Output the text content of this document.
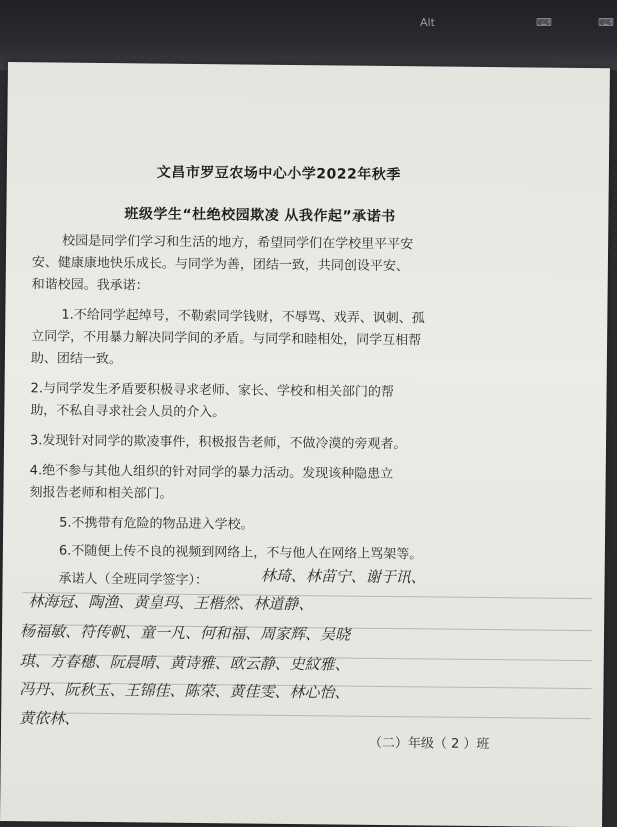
Alt	⌨	⌨
文昌市罗豆农场中心小学2022年秋季
班级学生“杜绝校园欺凌 从我作起”承诺书
校园是同学们学习和生活的地方，希望同学们在学校里平平安
安、健康康地快乐成长。与同学为善，团结一致，共同创设平安、
和谐校园。我承诺：
1.不给同学起绰号，不勒索同学钱财，不辱骂、戏弄、讽刺、孤
立同学，不用暴力解决同学间的矛盾。与同学和睦相处，同学互相帮
助、团结一致。
2.与同学发生矛盾要积极寻求老师、家长、学校和相关部门的帮
助，不私自寻求社会人员的介入。
3.发现针对同学的欺凌事件，积极报告老师，不做冷漠的旁观者。
4.绝不参与其他人组织的针对同学的暴力活动。发现该种隐患立
刻报告老师和相关部门。
5.不携带有危险的物品进入学校。
6.不随便上传不良的视频到网络上，不与他人在网络上骂架等。
承诺人（全班同学签字）：	林琦、林苗宁、谢于讯、
林海冠、陶渔、黄皇玛、王楷然、林道静、
杨福敏、符传帆、童一凡、何和福、周家辉、吴晓
琪、方春穗、阮晨晴、黄诗雅、欧云静、史紋雅、
冯丹、阮秋玉、王锦佳、陈荣、黄佳雯、林心怡、
黄依林、
（二）年级（ 2 ）班
